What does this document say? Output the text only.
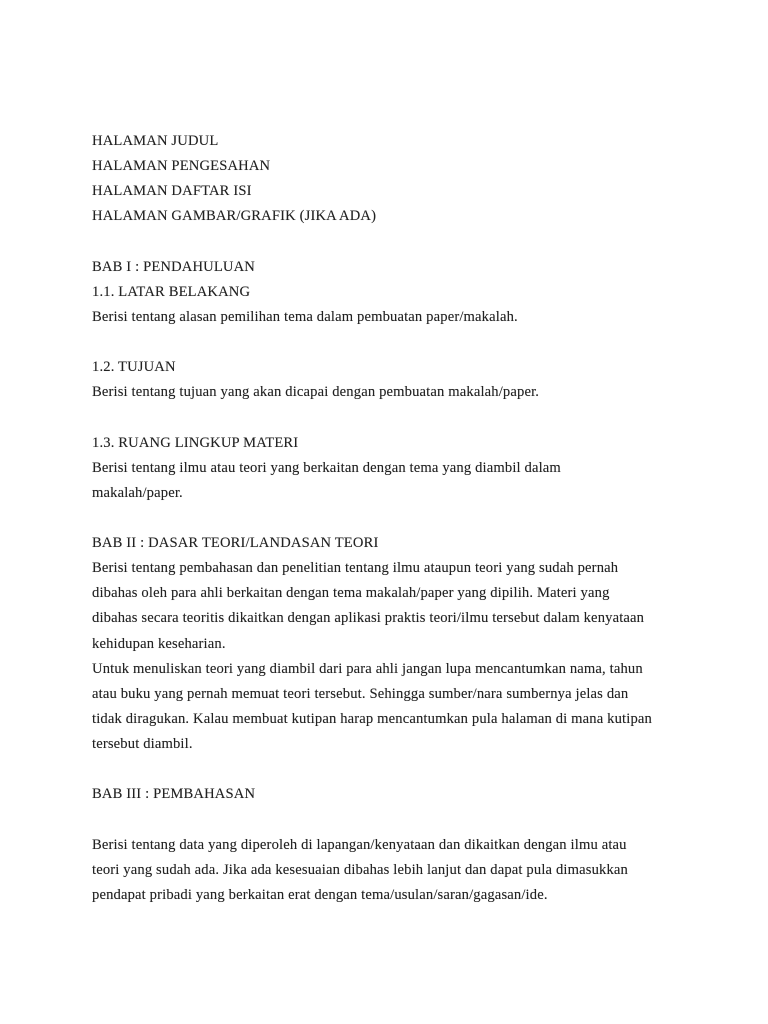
HALAMAN JUDUL
HALAMAN PENGESAHAN
HALAMAN DAFTAR ISI
HALAMAN GAMBAR/GRAFIK (JIKA ADA)
BAB I : PENDAHULUAN
1.1. LATAR BELAKANG
Berisi tentang alasan pemilihan tema dalam pembuatan paper/makalah.
1.2. TUJUAN
Berisi tentang tujuan yang akan dicapai dengan pembuatan makalah/paper.
1.3. RUANG LINGKUP MATERI
Berisi tentang ilmu atau teori yang berkaitan dengan tema yang diambil dalam
makalah/paper.
BAB II : DASAR TEORI/LANDASAN TEORI
Berisi tentang pembahasan dan penelitian tentang ilmu ataupun teori yang sudah pernah
dibahas oleh para ahli berkaitan dengan tema makalah/paper yang dipilih. Materi yang
dibahas secara teoritis dikaitkan dengan aplikasi praktis teori/ilmu tersebut dalam kenyataan
kehidupan keseharian.
Untuk menuliskan teori yang diambil dari para ahli jangan lupa mencantumkan nama, tahun
atau buku yang pernah memuat teori tersebut. Sehingga sumber/nara sumbernya jelas dan
tidak diragukan. Kalau membuat kutipan harap mencantumkan pula halaman di mana kutipan
tersebut diambil.
BAB III : PEMBAHASAN
Berisi tentang data yang diperoleh di lapangan/kenyataan dan dikaitkan dengan ilmu atau
teori yang sudah ada. Jika ada kesesuaian dibahas lebih lanjut dan dapat pula dimasukkan
pendapat pribadi yang berkaitan erat dengan tema/usulan/saran/gagasan/ide.
